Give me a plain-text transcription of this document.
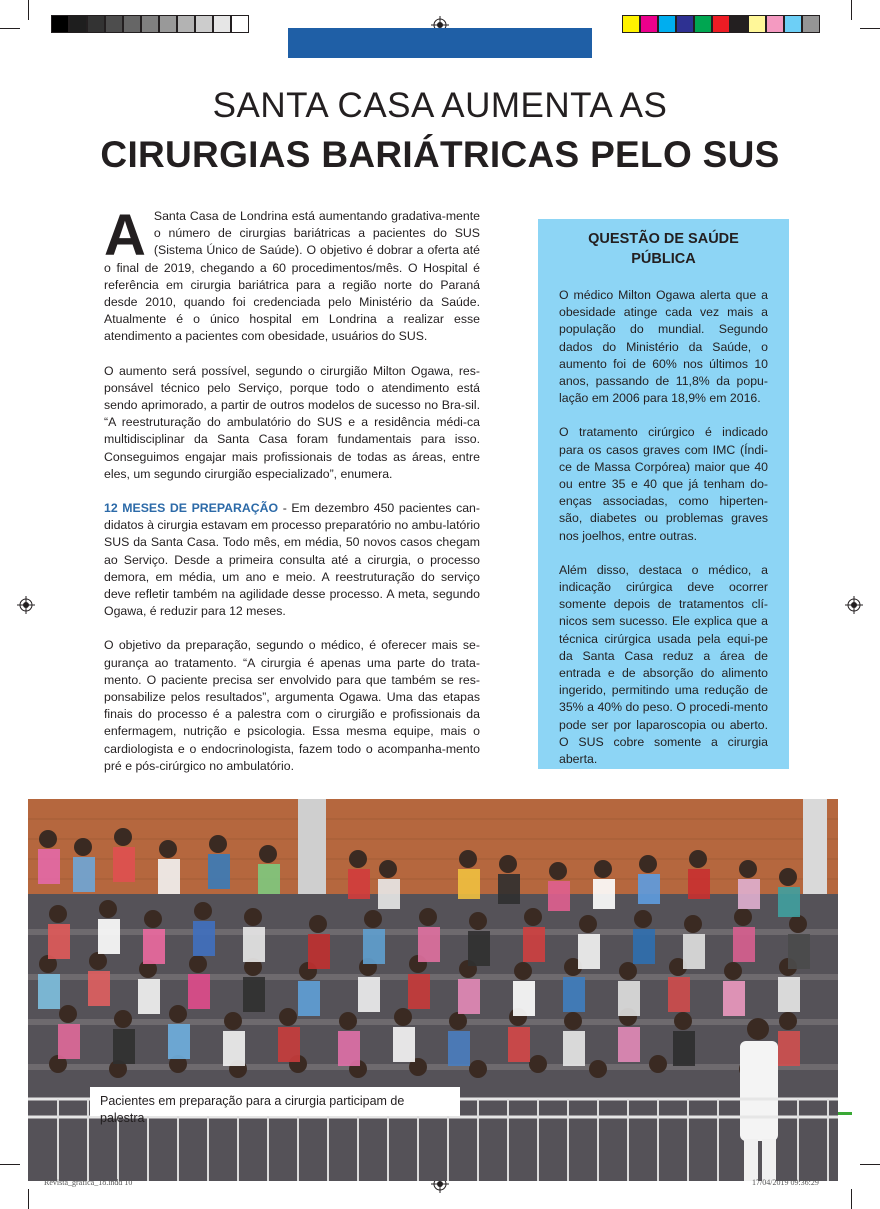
SANTA CASA AUMENTA AS
CIRURGIAS BARIÁTRICAS PELO SUS

A Santa Casa de Londrina está aumentando gradativa-mente o número de cirurgias bariátricas a pacientes do SUS (Sistema Único de Saúde). O objetivo é dobrar a oferta até o final de 2019, chegando a 60 procedimentos/mês. O Hospital é referência em cirurgia bariátrica para a região norte do Paraná desde 2010, quando foi credenciada pelo Ministério da Saúde. Atualmente é o único hospital em Londrina a realizar esse atendimento a pacientes com obesidade, usuários do SUS.

O aumento será possível, segundo o cirurgião Milton Ogawa, res-ponsável técnico pelo Serviço, porque todo o atendimento está sendo aprimorado, a partir de outros modelos de sucesso no Bra-sil. “A reestruturação do ambulatório do SUS e a residência médi-ca multidisciplinar da Santa Casa foram fundamentais para isso. Conseguimos engajar mais profissionais de todas as áreas, entre eles, um segundo cirurgião especializado”, enumera.

12 MESES DE PREPARAÇÃO - Em dezembro 450 pacientes can-didatos à cirurgia estavam em processo preparatório no ambu-latório SUS da Santa Casa. Todo mês, em média, 50 novos casos chegam ao Serviço. Desde a primeira consulta até a cirurgia, o processo demora, em média, um ano e meio. A reestruturação do serviço deve refletir também na agilidade desse processo. A meta, segundo Ogawa, é reduzir para 12 meses.

O objetivo da preparação, segundo o médico, é oferecer mais se-gurança ao tratamento. “A cirurgia é apenas uma parte do trata-mento. O paciente precisa ser envolvido para que também se res-ponsabilize pelos resultados”, argumenta Ogawa. Uma das etapas finais do processo é a palestra com o cirurgião e profissionais da enfermagem, nutrição e psicologia. Essa mesma equipe, mais o cardiologista e o endocrinologista, fazem todo o acompanha-mento pré e pós-cirúrgico no ambulatório.

QUESTÃO DE SAÚDE PÚBLICA

O médico Milton Ogawa alerta que a obesidade atinge cada vez mais a população do mundial. Segundo dados do Ministério da Saúde, o aumento foi de 60% nos últimos 10 anos, passando de 11,8% da popu-lação em 2006 para 18,9% em 2016.

O tratamento cirúrgico é indicado para os casos graves com IMC (Índi-ce de Massa Corpórea) maior que 40 ou entre 35 e 40 que já tenham do-enças associadas, como hiperten-são, diabetes ou problemas graves nos joelhos, entre outras.

Além disso, destaca o médico, a indicação cirúrgica deve ocorrer somente depois de tratamentos clí-nicos sem sucesso. Ele explica que a técnica cirúrgica usada pela equi-pe da Santa Casa reduz a área de entrada e de absorção do alimento ingerido, permitindo uma redução de 35% a 40% do peso. O procedi-mento pode ser por laparoscopia ou aberto. O SUS cobre somente a cirurgia aberta.

Pacientes em preparação para a cirurgia participam de palestra
Revista_grafica_18.indd 10	17/04/2019 09:36:29
